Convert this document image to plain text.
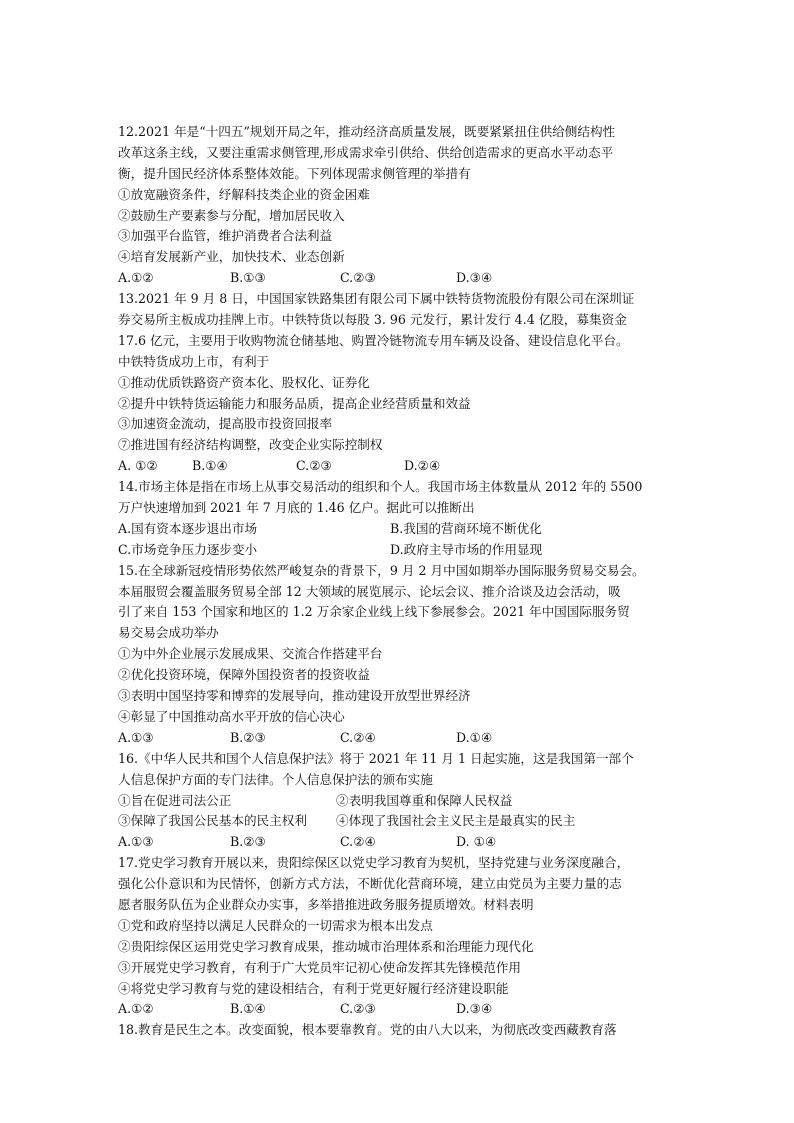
12.2021 年是“十四五”规划开局之年，推动经济高质量发展，既要紧紧扭住供给侧结构性
改革这条主线，又要注重需求侧管理,形成需求牵引供给、供给创造需求的更高水平动态平
衡，提升国民经济体系整体效能。下列体现需求侧管理的举措有
①放宽融资条件，纾解科技类企业的资金困难
②鼓励生产要素参与分配，增加居民收入
③加强平台监管，维护消费者合法利益
④培育发展新产业，加快技术、业态创新
A.①②	B.①③	C.②③	D.③④
13.2021 年 9 月 8 日，中国国家铁路集团有限公司下属中铁特货物流股份有限公司在深圳证
券交易所主板成功挂牌上市。中铁特货以每股 3. 96 元发行，累计发行 4.4 亿股，募集资金
17.6 亿元，主要用于收购物流仓储基地、购置冷链物流专用车辆及设备、建设信息化平台。
中铁特货成功上市，有利于
①推动优质铁路资产资本化、股权化、证券化
②提升中铁特货运输能力和服务品质，提高企业经营质量和效益
③加速资金流动，提高股市投资回报率
⑦推进国有经济结构调整，改变企业实际控制权
A. ①②	B.①④	C.②③	D.②④
14.市场主体是指在市场上从事交易活动的组织和个人。我国市场主体数量从 2012 年的 5500
万户快速增加到 2021 年 7 月底的 1.46 亿户。据此可以推断出
A.国有资本逐步退出市场	B.我国的营商环境不断优化
C.市场竞争压力逐步变小	D.政府主导市场的作用显现
15.在全球新冠疫情形势依然严峻复杂的背景下，9 月 2 月中国如期举办国际服务贸易交易会。
本届服贸会覆盖服务贸易全部 12 大领域的展览展示、论坛会议、推介洽谈及边会活动，吸
引了来自 153 个国家和地区的 1.2 万余家企业线上线下参展参会。2021 年中国国际服务贸
易交易会成功举办
①为中外企业展示发展成果、交流合作搭建平台
②优化投资环境，保障外国投资者的投资收益
③表明中国坚持零和博弈的发展导向，推动建设开放型世界经济
④彰显了中国推动高水平开放的信心决心
A.①③	B.②③	C.②④	D.①④
16.《中华人民共和国个人信息保护法》将于 2021 年 11 月 1 日起实施，这是我国第一部个
人信息保护方面的专门法律。个人信息保护法的颁布实施
①旨在促进司法公正	②表明我国尊重和保障人民权益
③保障了我国公民基本的民主权利 ④体现了我国社会主义民主是最真实的民主
A.①③	B.②③	C.②④	D. ①④
17.党史学习教育开展以来，贵阳综保区以党史学习教育为契机，坚持党建与业务深度融合，
强化公仆意识和为民情怀，创新方式方法，不断优化营商环境，建立由党员为主要力量的志
愿者服务队伍为企业群众办实事，多举措推进政务服务提质增效。材料表明
①党和政府坚持以满足人民群众的一切需求为根本出发点
②贵阳综保区运用党史学习教育成果，推动城市治理体系和治理能力现代化
③开展党史学习教育，有利于广大党员牢记初心使命发挥其先锋模范作用
④将党史学习教育与党的建设相结合，有利于党更好履行经济建设职能
A.①②	B.①④	C.②③	D.③④
18.教育是民生之本。改变面貌，根本要靠教育。党的由八大以来，为彻底改变西藏教育落
